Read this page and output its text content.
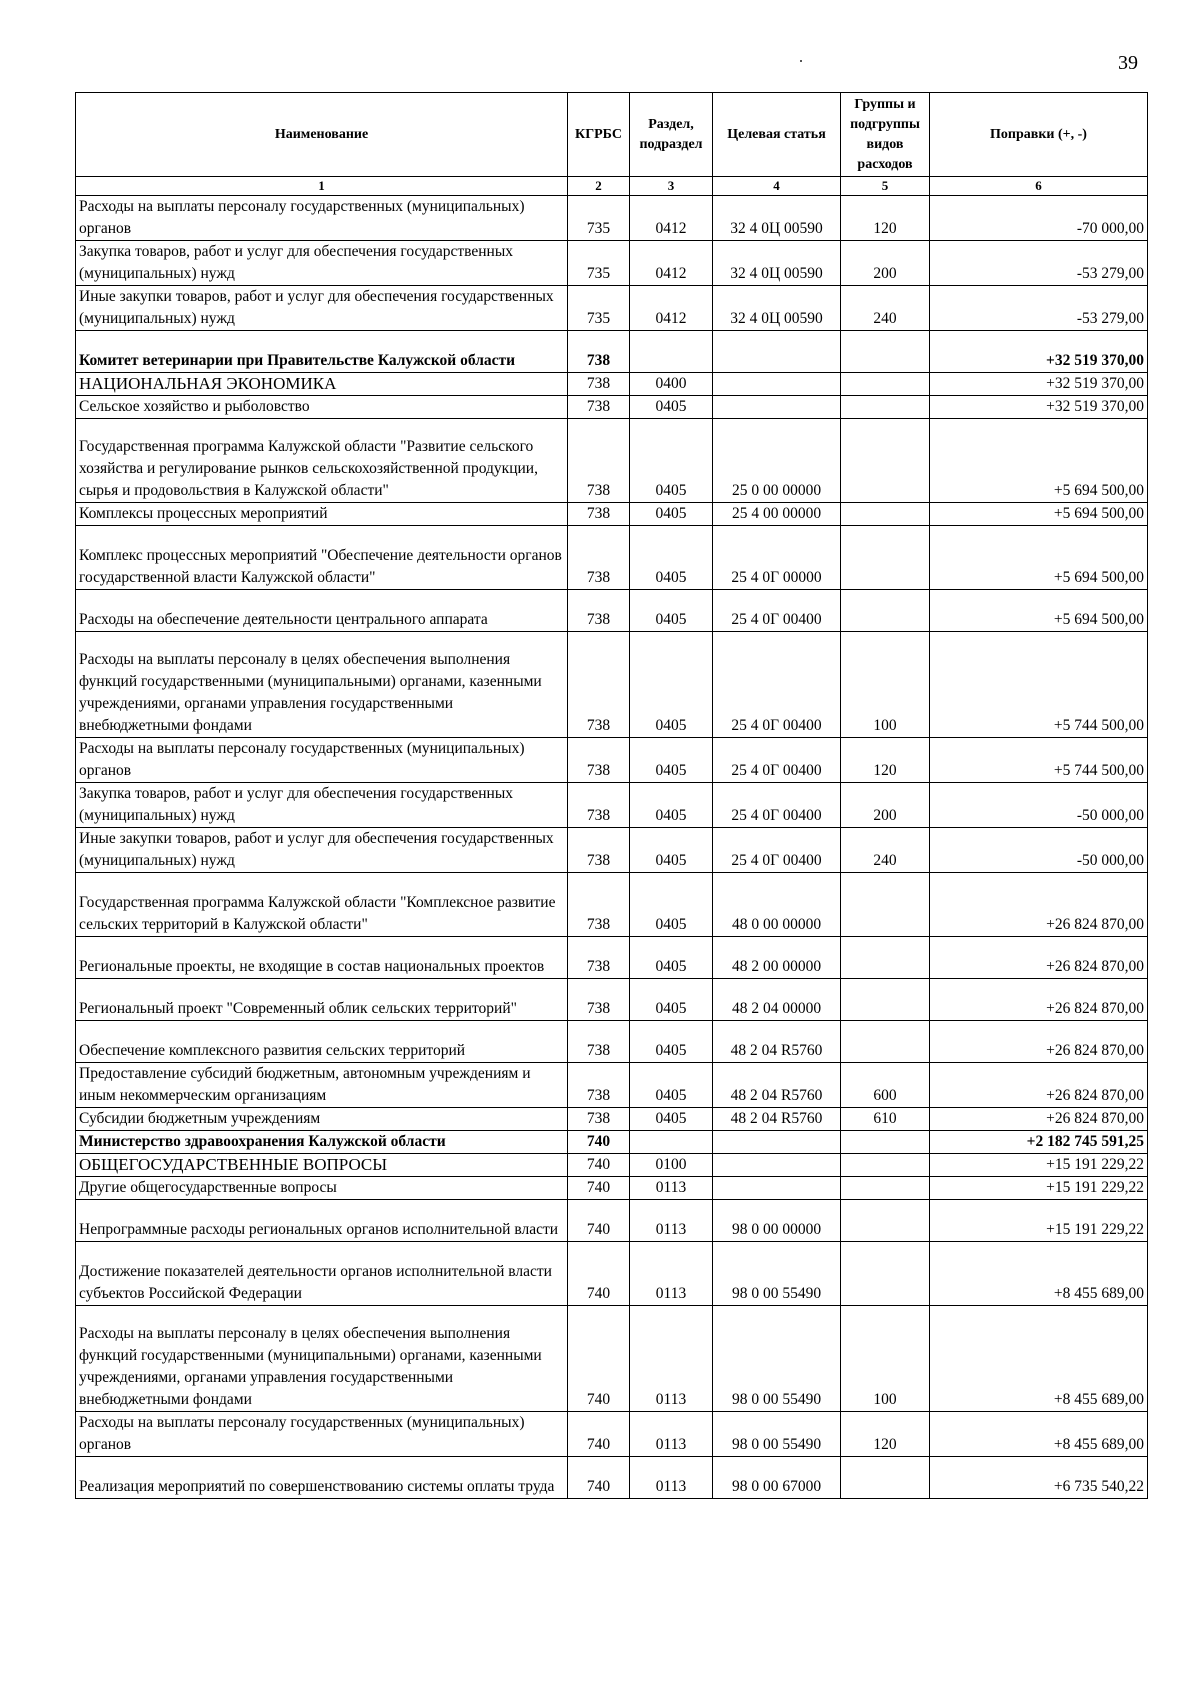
39
Наименование	КГРБС	Раздел, подраздел	Целевая статья	Группы и подгруппы видов расходов	Поправки (+, -)
1	2	3	4	5	6
Расходы на выплаты персоналу государственных (муниципальных) органов	735	0412	32 4 0Ц 00590	120	-70 000,00
Закупка товаров, работ и услуг для обеспечения государственных (муниципальных) нужд	735	0412	32 4 0Ц 00590	200	-53 279,00
Иные закупки товаров, работ и услуг для обеспечения государственных (муниципальных) нужд	735	0412	32 4 0Ц 00590	240	-53 279,00
Комитет ветеринарии при Правительстве Калужской области	738				+32 519 370,00
НАЦИОНАЛЬНАЯ ЭКОНОМИКА	738	0400			+32 519 370,00
Сельское хозяйство и рыболовство	738	0405			+32 519 370,00
Государственная программа Калужской области "Развитие сельского хозяйства и регулирование рынков сельскохозяйственной продукции, сырья и продовольствия в Калужской области"	738	0405	25 0 00 00000		+5 694 500,00
Комплексы процессных мероприятий	738	0405	25 4 00 00000		+5 694 500,00
Комплекс процессных мероприятий "Обеспечение деятельности органов государственной власти Калужской области"	738	0405	25 4 0Г 00000		+5 694 500,00
Расходы на обеспечение деятельности центрального аппарата	738	0405	25 4 0Г 00400		+5 694 500,00
Расходы на выплаты персоналу в целях обеспечения выполнения функций государственными (муниципальными) органами, казенными учреждениями, органами управления государственными внебюджетными фондами	738	0405	25 4 0Г 00400	100	+5 744 500,00
Расходы на выплаты персоналу государственных (муниципальных) органов	738	0405	25 4 0Г 00400	120	+5 744 500,00
Закупка товаров, работ и услуг для обеспечения государственных (муниципальных) нужд	738	0405	25 4 0Г 00400	200	-50 000,00
Иные закупки товаров, работ и услуг для обеспечения государственных (муниципальных) нужд	738	0405	25 4 0Г 00400	240	-50 000,00
Государственная программа Калужской области "Комплексное развитие сельских территорий в Калужской области"	738	0405	48 0 00 00000		+26 824 870,00
Региональные проекты, не входящие в состав национальных проектов	738	0405	48 2 00 00000		+26 824 870,00
Региональный проект "Современный облик сельских территорий"	738	0405	48 2 04 00000		+26 824 870,00
Обеспечение комплексного развития сельских территорий	738	0405	48 2 04 R5760		+26 824 870,00
Предоставление субсидий бюджетным, автономным учреждениям и иным некоммерческим организациям	738	0405	48 2 04 R5760	600	+26 824 870,00
Субсидии бюджетным учреждениям	738	0405	48 2 04 R5760	610	+26 824 870,00
Министерство здравоохранения Калужской области	740				+2 182 745 591,25
ОБЩЕГОСУДАРСТВЕННЫЕ ВОПРОСЫ	740	0100			+15 191 229,22
Другие общегосударственные вопросы	740	0113			+15 191 229,22
Непрограммные расходы региональных органов исполнительной власти	740	0113	98 0 00 00000		+15 191 229,22
Достижение показателей деятельности органов исполнительной власти субъектов Российской Федерации	740	0113	98 0 00 55490		+8 455 689,00
Расходы на выплаты персоналу в целях обеспечения выполнения функций государственными (муниципальными) органами, казенными учреждениями, органами управления государственными внебюджетными фондами	740	0113	98 0 00 55490	100	+8 455 689,00
Расходы на выплаты персоналу государственных (муниципальных) органов	740	0113	98 0 00 55490	120	+8 455 689,00
Реализация мероприятий по совершенствованию системы оплаты труда	740	0113	98 0 00 67000		+6 735 540,22
